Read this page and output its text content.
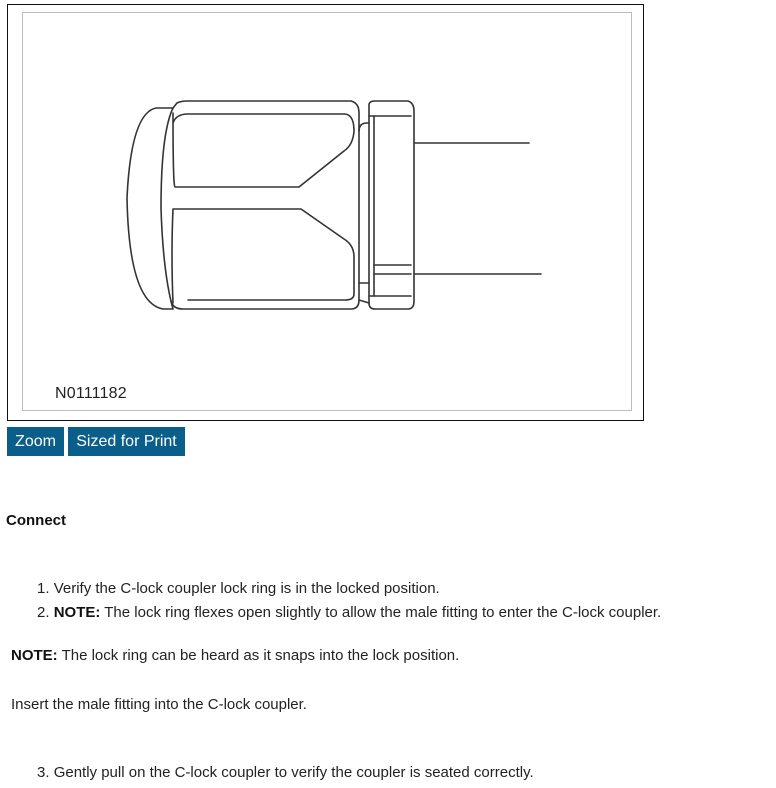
N0111182
Zoom	Sized for Print
Connect
1. Verify the C-lock coupler lock ring is in the locked position.
2. NOTE: The lock ring flexes open slightly to allow the male fitting to enter the C-lock coupler.
NOTE: The lock ring can be heard as it snaps into the lock position.
Insert the male fitting into the C-lock coupler.
3. Gently pull on the C-lock coupler to verify the coupler is seated correctly.
